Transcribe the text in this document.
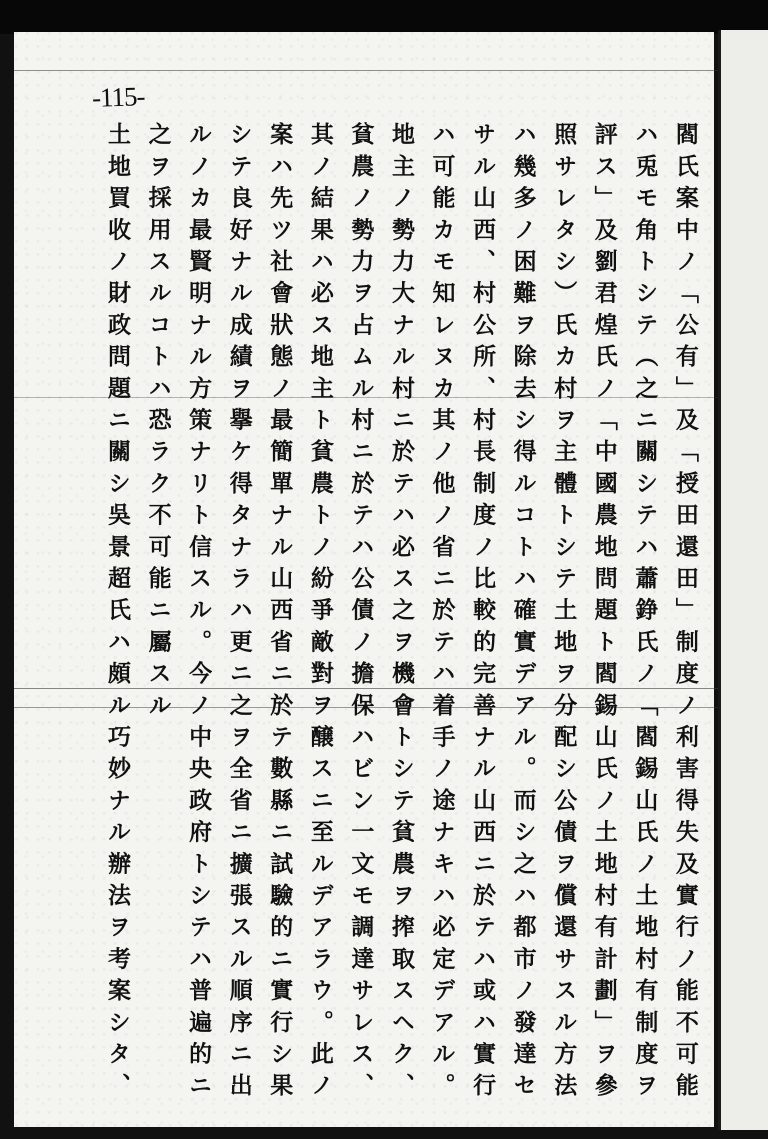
-115-
閻氏案中ノ「公有」及「授田還田」制度ノ利害得失及實行ノ能不可能
ハ兎モ角トシテ（之ニ關シテハ蕭錚氏ノ「閻錫山氏ノ土地村有制度ヲ
評ス」及劉君煌氏ノ「中國農地問題ト閻錫山氏ノ土地村有計劃」ヲ參
照サレタシ）氏カ村ヲ主體トシテ土地ヲ分配シ公債ヲ償還サスル方法
ハ幾多ノ困難ヲ除去シ得ルコトハ確實デアル。而シ之ハ都市ノ發達セ
サル山西、村公所、村長制度ノ比較的完善ナル山西ニ於テハ或ハ實行
ハ可能カモ知レヌカ其ノ他ノ省ニ於テハ着手ノ途ナキハ必定デアル。
地主ノ勢力大ナル村ニ於テハ必ス之ヲ機會トシテ貧農ヲ搾取スヘク、
貧農ノ勢力ヲ占ムル村ニ於テハ公債ノ擔保ハビン一文モ調達サレス、
其ノ結果ハ必ス地主ト貧農トノ紛爭敵對ヲ醸スニ至ルデアラウ。此ノ
案ハ先ツ社會狀態ノ最簡單ナル山西省ニ於テ數縣ニ試驗的ニ實行シ果
シテ良好ナル成績ヲ擧ケ得タナラハ更ニ之ヲ全省ニ擴張スル順序ニ出
ルノカ最賢明ナル方策ナリト信スル。今ノ中央政府トシテハ普遍的ニ
之ヲ採用スルコトハ恐ラク不可能ニ屬スル
土地買收ノ財政問題ニ關シ吳景超氏ハ頗ル巧妙ナル辦法ヲ考案シタ、
